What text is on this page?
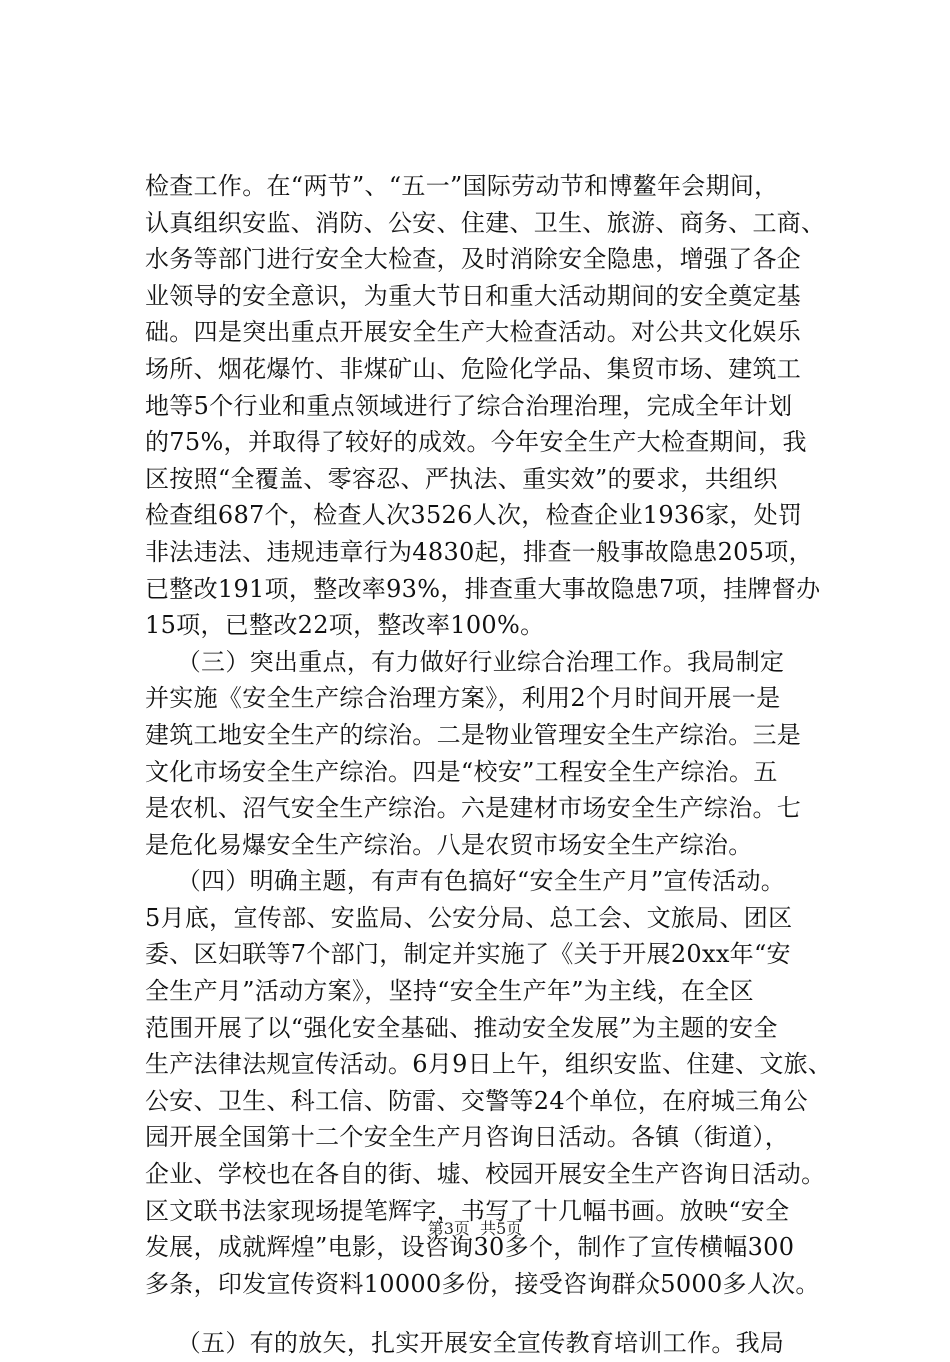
检查工作。在“两节”、“五一”国际劳动节和博鳌年会期间，
认真组织安监、消防、公安、住建、卫生、旅游、商务、工商、
水务等部门进行安全大检查，及时消除安全隐患，增强了各企
业领导的安全意识，为重大节日和重大活动期间的安全奠定基
础。四是突出重点开展安全生产大检查活动。对公共文化娱乐
场所、烟花爆竹、非煤矿山、危险化学品、集贸市场、建筑工
地等5个行业和重点领域进行了综合治理治理，完成全年计划
的75%，并取得了较好的成效。今年安全生产大检查期间，我
区按照“全覆盖、零容忍、严执法、重实效”的要求，共组织
检查组687个，检查人次3526人次，检查企业1936家，处罚
非法违法、违规违章行为4830起，排查一般事故隐患205项，
已整改191项，整改率93%，排查重大事故隐患7项，挂牌督办
15项，已整改22项，整改率100%。
（三）突出重点，有力做好行业综合治理工作。我局制定
并实施《安全生产综合治理方案》，利用2个月时间开展一是
建筑工地安全生产的综治。二是物业管理安全生产综治。三是
文化市场安全生产综治。四是“校安”工程安全生产综治。五
是农机、沼气安全生产综治。六是建材市场安全生产综治。七
是危化易爆安全生产综治。八是农贸市场安全生产综治。
（四）明确主题，有声有色搞好“安全生产月”宣传活动。
5月底，宣传部、安监局、公安分局、总工会、文旅局、团区
委、区妇联等7个部门，制定并实施了《关于开展20xx年“安
全生产月”活动方案》，坚持“安全生产年”为主线，在全区
范围开展了以“强化安全基础、推动安全发展”为主题的安全
生产法律法规宣传活动。6月9日上午，组织安监、住建、文旅、
公安、卫生、科工信、防雷、交警等24个单位，在府城三角公
园开展全国第十二个安全生产月咨询日活动。各镇（街道），
企业、学校也在各自的街、墟、校园开展安全生产咨询日活动。
区文联书法家现场提笔辉字，书写了十几幅书画。放映“安全
发展，成就辉煌”电影，设咨询30多个，制作了宣传横幅300
多条，印发宣传资料10000多份，接受咨询群众5000多人次。
（五）有的放矢，扎实开展安全宣传教育培训工作。我局
第3页  共5页
